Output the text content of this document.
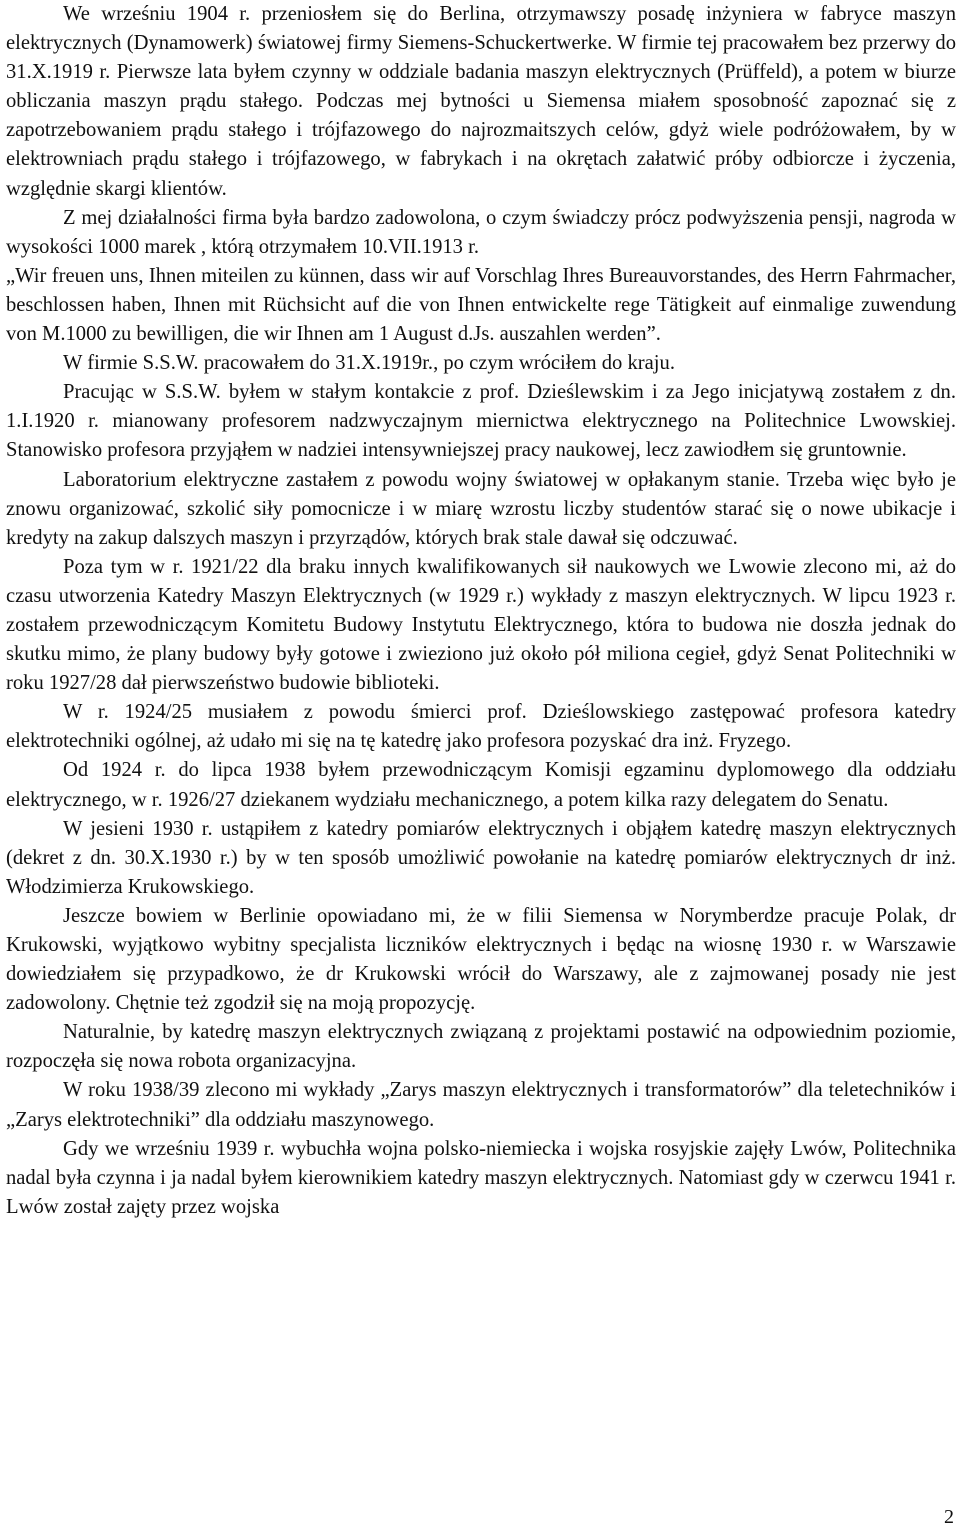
We wrześniu 1904 r. przeniosłem się do Berlina, otrzymawszy posadę inżyniera w fabryce maszyn elektrycznych (Dynamowerk) światowej firmy Siemens-Schuckertwerke. W firmie tej pracowałem bez przerwy do 31.X.1919 r. Pierwsze lata byłem czynny w oddziale badania maszyn elektrycznych (Prüffeld), a potem w biurze obliczania maszyn prądu stałego. Podczas mej bytności u Siemensa miałem sposobność zapoznać się z zapotrzebowaniem prądu stałego i trójfazowego do najrozmaitszych celów, gdyż wiele podróżowałem, by w elektrowniach prądu stałego i trójfazowego, w fabrykach i na okrętach załatwić próby odbiorcze i życzenia, względnie skargi klientów.

Z mej działalności firma była bardzo zadowolona, o czym świadczy prócz podwyższenia pensji, nagroda w wysokości 1000 marek , którą otrzymałem 10.VII.1913 r.

„Wir freuen uns, Ihnen miteilen zu künnen, dass wir auf Vorschlag Ihres Bureauvorstandes, des Herrn Fahrmacher, beschlossen haben, Ihnen mit Rüchsicht auf die von Ihnen entwickelte rege Tätigkeit auf einmalige zuwendung von M.1000 zu bewilligen, die wir Ihnen am 1 August d.Js. auszahlen werden”.

W firmie S.S.W. pracowałem do 31.X.1919r., po czym wróciłem do kraju.

Pracując w S.S.W. byłem w stałym kontakcie z prof. Dzieślewskim i za Jego inicjatywą zostałem z dn. 1.I.1920 r. mianowany profesorem nadzwyczajnym miernictwa elektrycznego na Politechnice Lwowskiej. Stanowisko profesora przyjąłem w nadziei intensywniejszej pracy naukowej, lecz zawiodłem się gruntownie.

Laboratorium elektryczne zastałem z powodu wojny światowej w opłakanym stanie. Trzeba więc było je znowu organizować, szkolić siły pomocnicze i w miarę wzrostu liczby studentów starać się o nowe ubikacje i kredyty na zakup dalszych maszyn i przyrządów, których brak stale dawał się odczuwać.

Poza tym w r. 1921/22 dla braku innych kwalifikowanych sił naukowych we Lwowie zlecono mi, aż do czasu utworzenia Katedry Maszyn Elektrycznych (w 1929 r.) wykłady z maszyn elektrycznych. W lipcu 1923 r. zostałem przewodniczącym Komitetu Budowy Instytutu Elektrycznego, która to budowa nie doszła jednak do skutku mimo, że plany budowy były gotowe i zwieziono już około pół miliona cegieł, gdyż Senat Politechniki w roku 1927/28 dał pierwszeństwo budowie biblioteki.

W r. 1924/25 musiałem z powodu śmierci prof. Dzieślowskiego zastępować profesora katedry elektrotechniki ogólnej, aż udało mi się na tę katedrę jako profesora pozyskać dra inż. Fryzego.

Od 1924 r. do lipca 1938 byłem przewodniczącym Komisji egzaminu dyplomowego dla oddziału elektrycznego, w r. 1926/27 dziekanem wydziału mechanicznego, a potem kilka razy delegatem do Senatu.

W jesieni 1930 r. ustąpiłem z katedry pomiarów elektrycznych i objąłem katedrę maszyn elektrycznych (dekret z dn. 30.X.1930 r.) by w ten sposób umożliwić powołanie na katedrę pomiarów elektrycznych dr inż. Włodzimierza Krukowskiego.

Jeszcze bowiem w Berlinie opowiadano mi, że w filii Siemensa w Norymberdze pracuje Polak, dr Krukowski, wyjątkowo wybitny specjalista liczników elektrycznych i będąc na wiosnę 1930 r. w Warszawie dowiedziałem się przypadkowo, że dr Krukowski wrócił do Warszawy, ale z zajmowanej posady nie jest zadowolony. Chętnie też zgodził się na moją propozycję.

Naturalnie, by katedrę maszyn elektrycznych związaną z projektami postawić na odpowiednim poziomie, rozpoczęła się nowa robota organizacyjna.

W roku 1938/39 zlecono mi wykłady „Zarys maszyn elektrycznych i transformatorów” dla teletechników i „Zarys elektrotechniki” dla oddziału maszynowego.

Gdy we wrześniu 1939 r. wybuchła wojna polsko-niemiecka i wojska rosyjskie zajęły Lwów, Politechnika nadal była czynna i ja nadal byłem kierownikiem katedry maszyn elektrycznych. Natomiast gdy w czerwcu 1941 r. Lwów został zajęty przez wojska

2
